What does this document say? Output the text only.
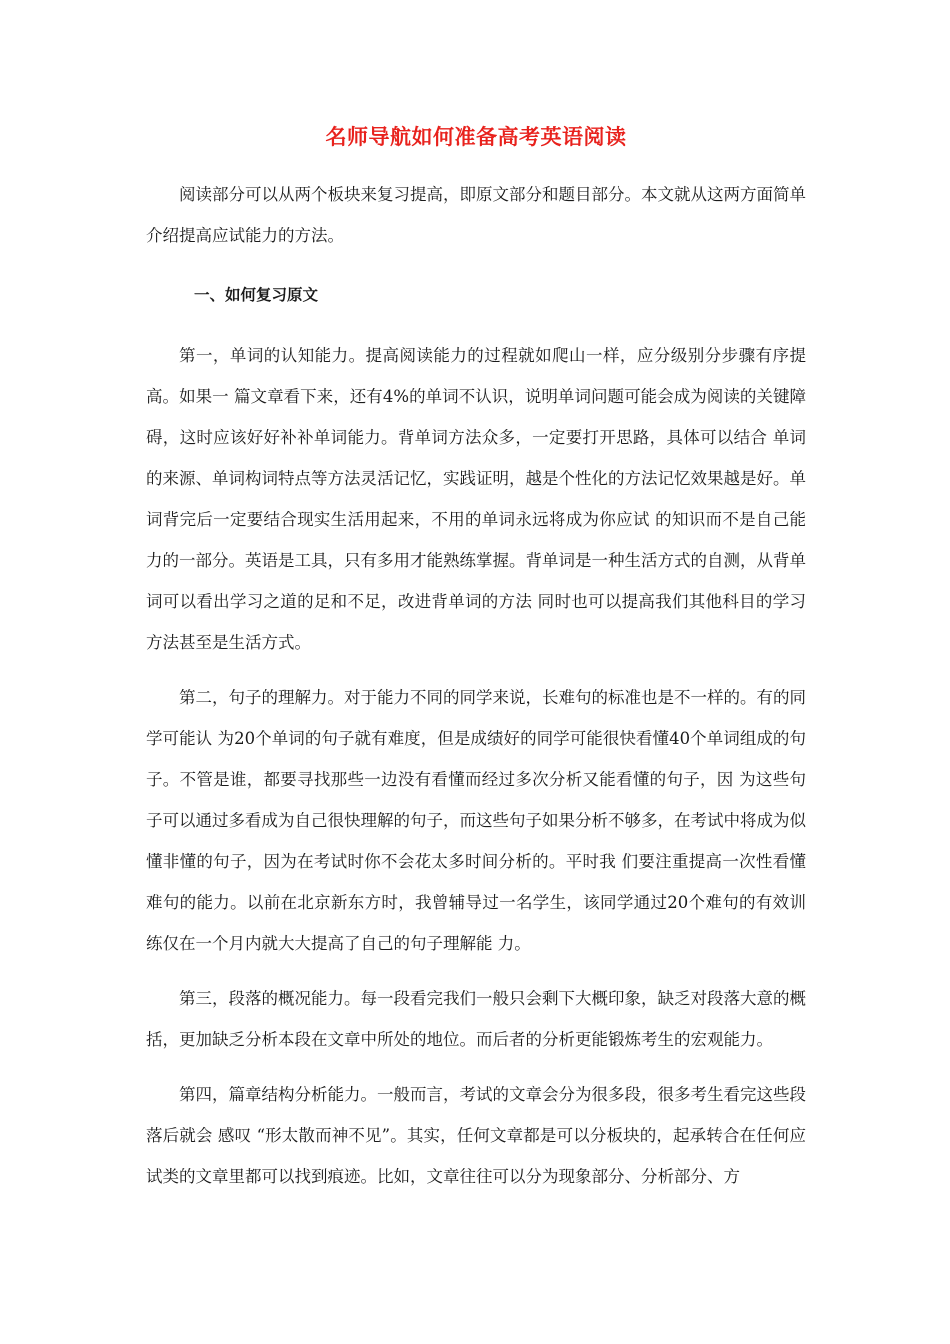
名师导航如何准备高考英语阅读

阅读部分可以从两个板块来复习提高，即原文部分和题目部分。本文就从这两方面简单介绍提高应试能力的方法。

一、如何复习原文

第一，单词的认知能力。提高阅读能力的过程就如爬山一样，应分级别分步骤有序提高。如果一 篇文章看下来，还有4%的单词不认识，说明单词问题可能会成为阅读的关键障碍，这时应该好好补补单词能力。背单词方法众多，一定要打开思路，具体可以结合 单词的来源、单词构词特点等方法灵活记忆，实践证明，越是个性化的方法记忆效果越是好。单词背完后一定要结合现实生活用起来，不用的单词永远将成为你应试 的知识而不是自己能力的一部分。英语是工具，只有多用才能熟练掌握。背单词是一种生活方式的自测，从背单词可以看出学习之道的足和不足，改进背单词的方法 同时也可以提高我们其他科目的学习方法甚至是生活方式。

第二，句子的理解力。对于能力不同的同学来说，长难句的标准也是不一样的。有的同学可能认 为20个单词的句子就有难度，但是成绩好的同学可能很快看懂40个单词组成的句子。不管是谁，都要寻找那些一边没有看懂而经过多次分析又能看懂的句子，因 为这些句子可以通过多看成为自己很快理解的句子，而这些句子如果分析不够多，在考试中将成为似懂非懂的句子，因为在考试时你不会花太多时间分析的。平时我 们要注重提高一次性看懂难句的能力。以前在北京新东方时，我曾辅导过一名学生，该同学通过20个难句的有效训练仅在一个月内就大大提高了自己的句子理解能 力。

第三，段落的概况能力。每一段看完我们一般只会剩下大概印象，缺乏对段落大意的概括，更加缺乏分析本段在文章中所处的地位。而后者的分析更能锻炼考生的宏观能力。

第四，篇章结构分析能力。一般而言，考试的文章会分为很多段，很多考生看完这些段落后就会 感叹 “形太散而神不见”。其实，任何文章都是可以分板块的，起承转合在任何应试类的文章里都可以找到痕迹。比如，文章往往可以分为现象部分、分析部分、方
